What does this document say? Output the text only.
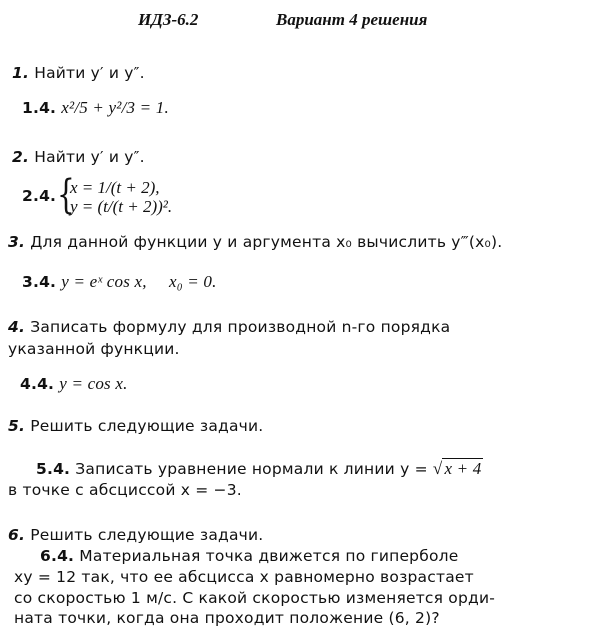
ИДЗ-6.2	Вариант 4 решения
1. Найти y′ и y″.
1.4. x²/5 + y²/3 = 1.
2. Найти y′ и y″.
2.4. {
x = 1/(t + 2),
y = (t/(t + 2))².
3. Для данной функции y и аргумента x₀ вычислить y‴(x₀).
3.4. y = eˣ cos x,     x₀ = 0.
4. Записать формулу для производной n-го порядка
указанной функции.
4.4. y = cos x.
5. Решить следующие задачи.
5.4. Записать уравнение нормали к линии y = √ x + 4
в точке с абсциссой x = −3.
6. Решить следующие задачи.
6.4. Материальная точка движется по гиперболе
xy = 12 так, что ее абсцисса x равномерно возрастает
со скоростью 1 м/с. С какой скоростью изменяется орди-
ната точки, когда она проходит положение (6, 2)?
